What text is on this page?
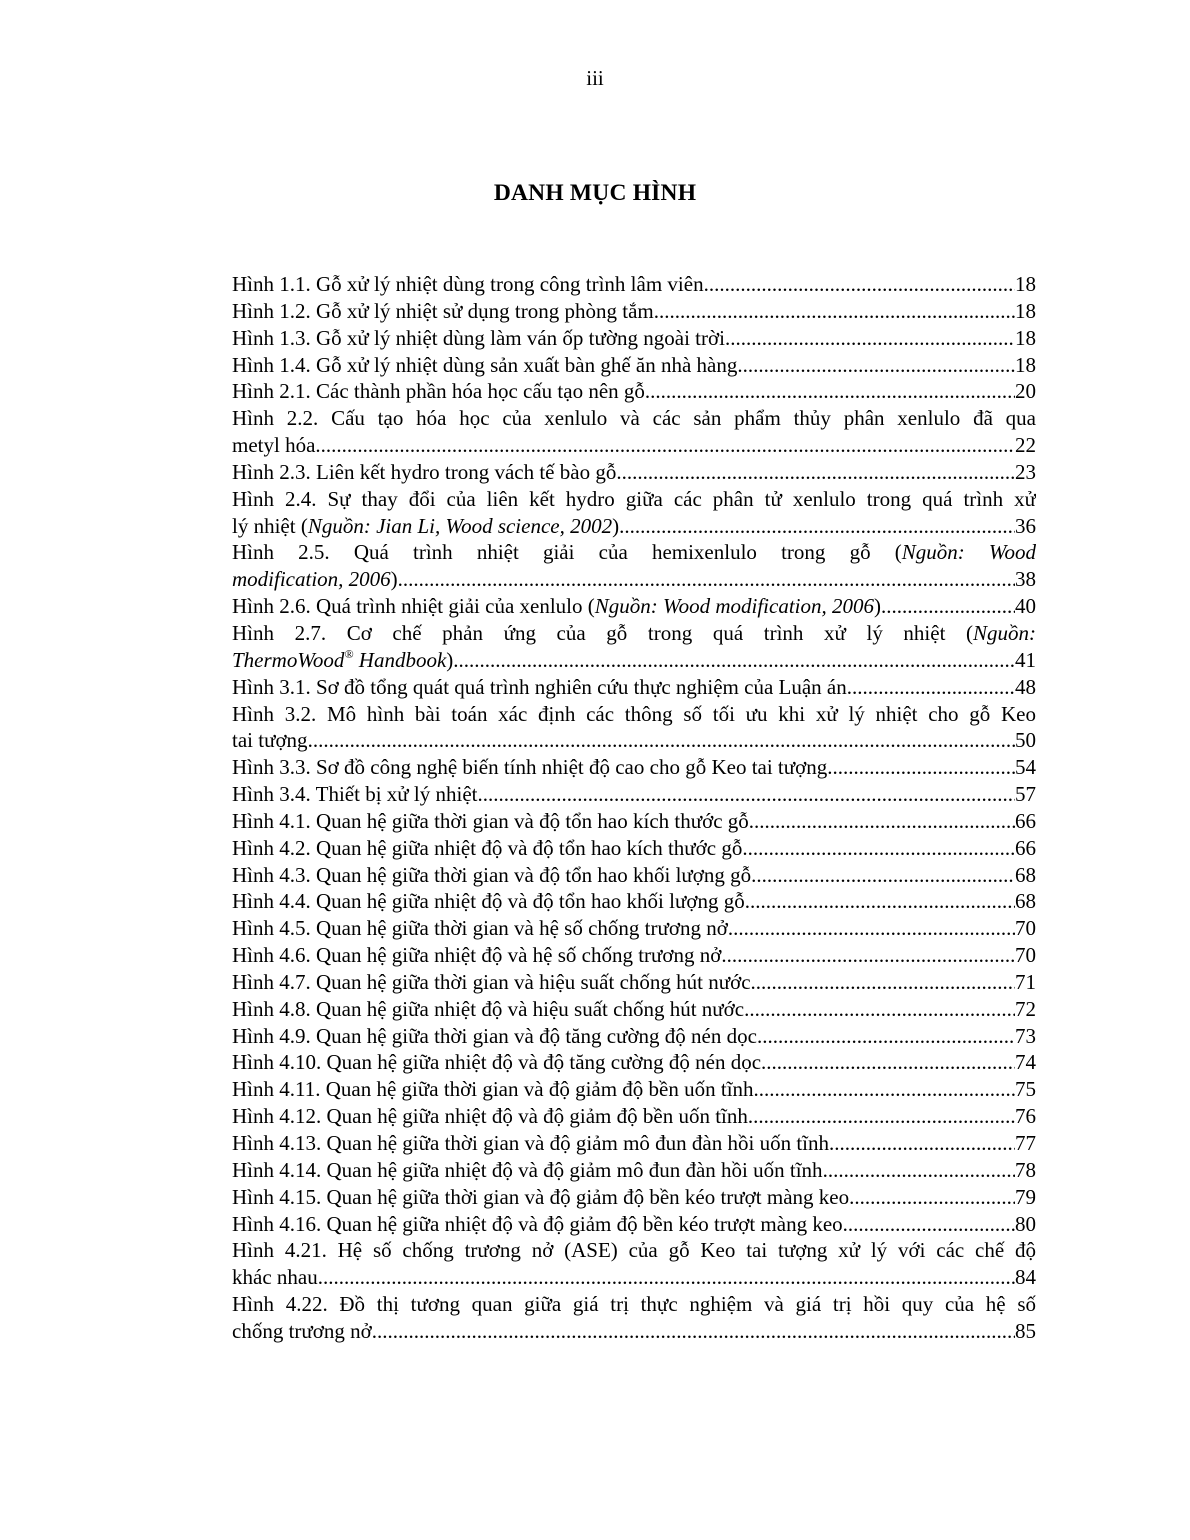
iii
DANH MỤC HÌNH
Hình 1.1. Gỗ xử lý nhiệt dùng trong công trình lâm viên .....	18
Hình 1.2. Gỗ xử lý nhiệt sử dụng trong phòng tắm .....	18
Hình 1.3. Gỗ xử lý nhiệt dùng làm ván ốp tường ngoài trời .....	18
Hình 1.4. Gỗ xử lý nhiệt dùng sản xuất bàn ghế ăn nhà hàng .....	18
Hình 2.1. Các thành phần hóa học cấu tạo nên gỗ .....	20
Hình 2.2. Cấu tạo hóa học của xenlulo và các sản phẩm thủy phân xenlulo đã qua
metyl hóa .....	22
Hình 2.3. Liên kết hydro trong vách tế bào gỗ .....	23
Hình 2.4. Sự thay đổi của liên kết hydro giữa các phân tử xenlulo trong quá trình xử
lý nhiệt (Nguồn: Jian Li, Wood science, 2002) .....	36
Hình 2.5. Quá trình nhiệt giải của hemixenlulo trong gỗ (Nguồn: Wood
modification, 2006) .....	38
Hình 2.6. Quá trình nhiệt giải của xenlulo (Nguồn: Wood modification, 2006) .....	40
Hình 2.7. Cơ chế phản ứng của gỗ trong quá trình xử lý nhiệt (Nguồn:
ThermoWood® Handbook) .....	41
Hình 3.1. Sơ đồ tổng quát quá trình nghiên cứu thực nghiệm của Luận án .....	48
Hình 3.2. Mô hình bài toán xác định các thông số tối ưu khi xử lý nhiệt cho gỗ Keo
tai tượng .....	50
Hình 3.3. Sơ đồ công nghệ biến tính nhiệt độ cao cho gỗ Keo tai tượng .....	54
Hình 3.4. Thiết bị xử lý nhiệt .....	57
Hình 4.1. Quan hệ giữa thời gian và độ tổn hao kích thước gỗ .....	66
Hình 4.2. Quan hệ giữa nhiệt độ và độ tổn hao kích thước gỗ .....	66
Hình 4.3. Quan hệ giữa thời gian và độ tổn hao khối lượng gỗ .....	68
Hình 4.4. Quan hệ giữa nhiệt độ và độ tổn hao khối lượng gỗ .....	68
Hình 4.5. Quan hệ giữa thời gian và hệ số chống trương nở .....	70
Hình 4.6. Quan hệ giữa nhiệt độ và hệ số chống trương nở .....	70
Hình 4.7. Quan hệ giữa thời gian và hiệu suất chống hút nước .....	71
Hình 4.8. Quan hệ giữa nhiệt độ và hiệu suất chống hút nước .....	72
Hình 4.9. Quan hệ giữa thời gian và độ tăng cường độ nén dọc .....	73
Hình 4.10. Quan hệ giữa nhiệt độ và độ tăng cường độ nén dọc .....	74
Hình 4.11. Quan hệ giữa thời gian và độ giảm độ bền uốn tĩnh .....	75
Hình 4.12. Quan hệ giữa nhiệt độ và độ giảm độ bền uốn tĩnh .....	76
Hình 4.13. Quan hệ giữa thời gian và độ giảm mô đun đàn hồi uốn tĩnh .....	77
Hình 4.14. Quan hệ giữa nhiệt độ và độ giảm mô đun đàn hồi uốn tĩnh .....	78
Hình 4.15. Quan hệ giữa thời gian và độ giảm độ bền kéo trượt màng keo .....	79
Hình 4.16. Quan hệ giữa nhiệt độ và độ giảm độ bền kéo trượt màng keo .....	80
Hình 4.21. Hệ số chống trương nở (ASE) của gỗ Keo tai tượng xử lý với các chế độ
khác nhau .....	84
Hình 4.22. Đồ thị tương quan giữa giá trị thực nghiệm và giá trị hồi quy của hệ số
chống trương nở .....	85
